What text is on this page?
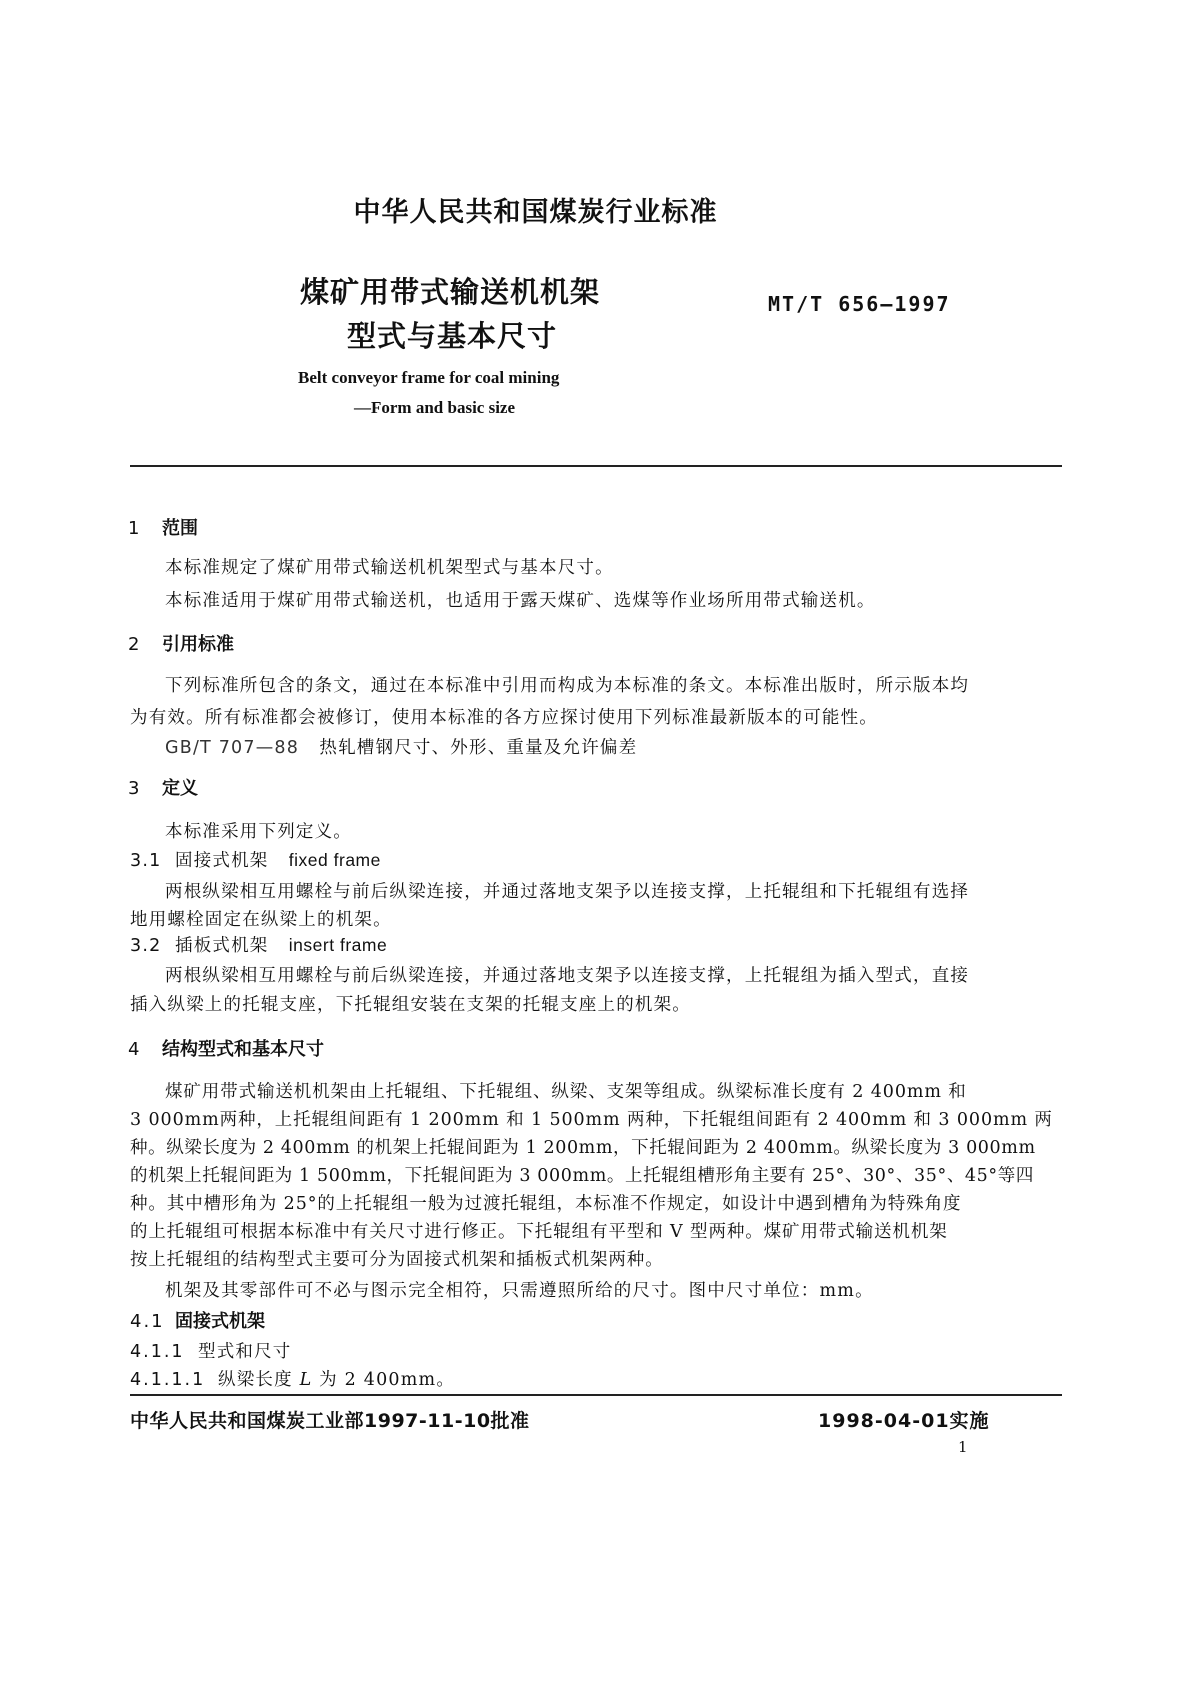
中华人民共和国煤炭行业标准
煤矿用带式输送机机架	MT/T 656—1997
型式与基本尺寸
Belt conveyor frame for coal mining
—Form and basic size
1 范围
本标准规定了煤矿用带式输送机机架型式与基本尺寸。
本标准适用于煤矿用带式输送机，也适用于露天煤矿、选煤等作业场所用带式输送机。
2 引用标准
下列标准所包含的条文，通过在本标准中引用而构成为本标准的条文。本标准出版时，所示版本均
为有效。所有标准都会被修订，使用本标准的各方应探讨使用下列标准最新版本的可能性。
GB/T 707—88 热轧槽钢尺寸、外形、重量及允许偏差
3 定义
本标准采用下列定义。
3.1 固接式机架 fixed frame
两根纵梁相互用螺栓与前后纵梁连接，并通过落地支架予以连接支撑，上托辊组和下托辊组有选择
地用螺栓固定在纵梁上的机架。
3.2 插板式机架 insert frame
两根纵梁相互用螺栓与前后纵梁连接，并通过落地支架予以连接支撑，上托辊组为插入型式，直接
插入纵梁上的托辊支座，下托辊组安装在支架的托辊支座上的机架。
4 结构型式和基本尺寸
煤矿用带式输送机机架由上托辊组、下托辊组、纵梁、支架等组成。纵梁标准长度有 2 400mm 和
3 000mm两种，上托辊组间距有 1 200mm 和 1 500mm 两种，下托辊组间距有 2 400mm 和 3 000mm 两
种。纵梁长度为 2 400mm 的机架上托辊间距为 1 200mm，下托辊间距为 2 400mm。纵梁长度为 3 000mm
的机架上托辊间距为 1 500mm，下托辊间距为 3 000mm。上托辊组槽形角主要有 25°、30°、35°、45°等四
种。其中槽形角为 25°的上托辊组一般为过渡托辊组，本标准不作规定，如设计中遇到槽角为特殊角度
的上托辊组可根据本标准中有关尺寸进行修正。下托辊组有平型和 V 型两种。煤矿用带式输送机机架
按上托辊组的结构型式主要可分为固接式机架和插板式机架两种。
机架及其零部件可不必与图示完全相符，只需遵照所给的尺寸。图中尺寸单位：mm。
4.1 固接式机架
4.1.1 型式和尺寸
4.1.1.1 纵梁长度 L 为 2 400mm。
中华人民共和国煤炭工业部1997-11-10批准	1998-04-01实施
1
